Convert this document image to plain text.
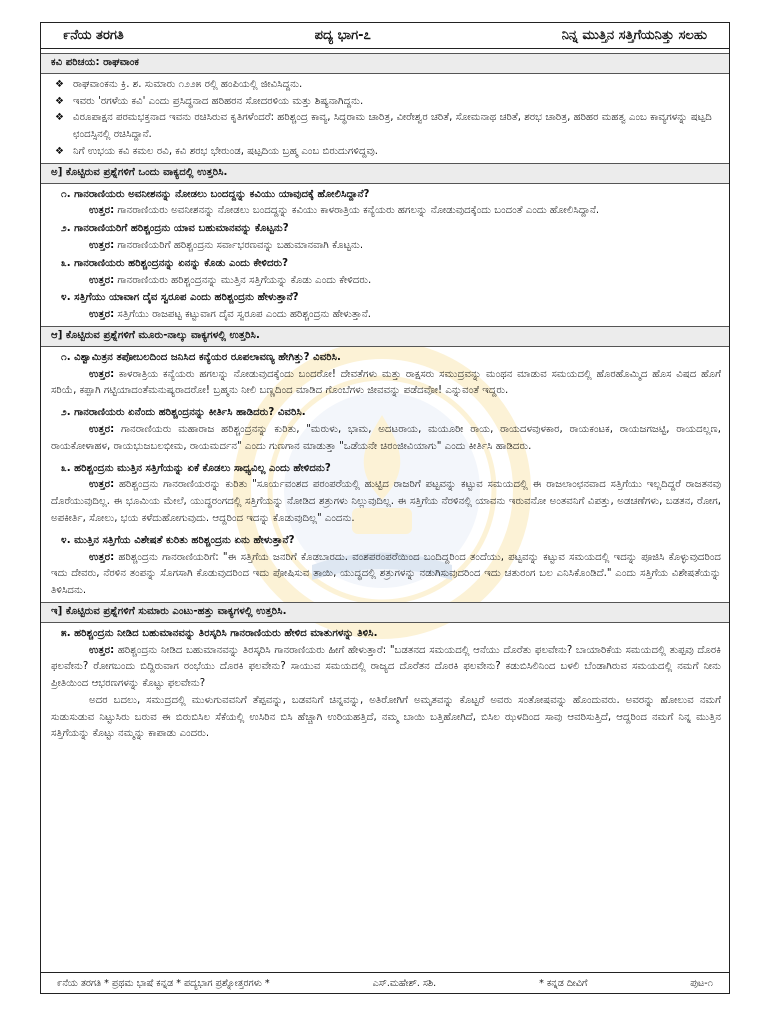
೯ನೆಯ ತರಗತಿ	ಪದ್ಯ ಭಾಗ-೭	ನಿನ್ನ ಮುತ್ತಿನ ಸತ್ತಿಗೆಯನಿತ್ತು ಸಲಹು
ಕವಿ ಪರಿಚಯ: ರಾಘವಾಂಕ
❖ ರಾಘವಾಂಕನು ಕ್ರಿ. ಶ. ಸುಮಾರು ೧೨೨೫ ರಲ್ಲಿ ಹಂಪಿಯಲ್ಲಿ ಜೀವಿಸಿದ್ದನು.
❖ ಇವರು 'ರಗಳೆಯ ಕವಿ' ಎಂದು ಪ್ರಸಿದ್ಧನಾದ ಹರಿಹರನ ಸೋದರಳಿಯ ಮತ್ತು ಶಿಷ್ಯನಾಗಿದ್ದನು.
❖ ವಿರೂಪಾಕ್ಷನ ಪರಮಭಕ್ತನಾದ ಇವನು ರಚಿಸಿರುವ ಕೃತಿಗಳೆಂದರೆ: ಹರಿಶ್ಚಂದ್ರ ಕಾವ್ಯ, ಸಿದ್ಧರಾಮ ಚಾರಿತ್ರ, ವೀರೇಶ್ವರ ಚರಿತೆ, ಸೋಮನಾಥ ಚರಿತೆ, ಶರಭ ಚಾರಿತ್ರ, ಹರಿಹರ ಮಹತ್ವ ಎಂಬ ಕಾವ್ಯಗಳನ್ನು ಷಟ್ಪದಿ ಛಂದಸ್ಸಿನಲ್ಲಿ ರಚಿಸಿದ್ದಾನೆ.
❖ ನಿಗೆ ಉಭಯ ಕವಿ ಕಮಲ ರವಿ, ಕವಿ ಶರಭ ಭೇರುಂಡ, ಷಟ್ಪದಿಯ ಬ್ರಹ್ಮ ಎಂಬ ಬಿರುದುಗಳಿದ್ದವು.
ಅ] ಕೊಟ್ಟಿರುವ ಪ್ರಶ್ನೆಗಳಿಗೆ ಒಂದು ವಾಕ್ಯದಲ್ಲಿ ಉತ್ತರಿಸಿ.
೧. ಗಾನರಾಣಿಯರು ಅವನೀಶನನ್ನು ನೋಡಲು ಬಂದದ್ದನ್ನು ಕವಿಯು ಯಾವುದಕ್ಕೆ ಹೋಲಿಸಿದ್ದಾನೆ?
ಉತ್ತರ: ಗಾನರಾಣಿಯರು ಅವನೀಶನನ್ನು ನೋಡಲು ಬಂದದ್ದನ್ನು ಕವಿಯು ಕಾಳರಾತ್ರಿಯ ಕನ್ಯೆಯರು ಹಗಲನ್ನು ನೋಡುವುದಕ್ಕೆಂದು ಬಂದಂತೆ ಎಂದು ಹೋಲಿಸಿದ್ದಾನೆ.
೨. ಗಾನರಾಣಿಯರಿಗೆ ಹರಿಶ್ಚಂದ್ರನು ಯಾವ ಬಹುಮಾನವನ್ನು ಕೊಟ್ಟನು?
ಉತ್ತರ: ಗಾನರಾಣಿಯರಿಗೆ ಹರಿಶ್ಚಂದ್ರನು ಸರ್ವಾಭರಣವನ್ನು ಬಹುಮಾನವಾಗಿ ಕೊಟ್ಟನು.
೩. ಗಾನರಾಣಿಯರು ಹರಿಶ್ಚಂದ್ರನನ್ನು ಏನನ್ನು ಕೊಡು ಎಂದು ಕೇಳಿದರು?
ಉತ್ತರ: ಗಾನರಾಣಿಯರು ಹರಿಶ್ಚಂದ್ರನನ್ನು ಮುತ್ತಿನ ಸತ್ತಿಗೆಯನ್ನು ಕೊಡು ಎಂದು ಕೇಳಿದರು.
೪. ಸತ್ತಿಗೆಯು ಯಾವಾಗ ದೈವ ಸ್ವರೂಪ ಎಂದು ಹರಿಶ್ಚಂದ್ರನು ಹೇಳುತ್ತಾನೆ?
ಉತ್ತರ: ಸತ್ತಿಗೆಯು ರಾಜಪಟ್ಟ ಕಟ್ಟುವಾಗ ದೈವ ಸ್ವರೂಪ ಎಂದು ಹರಿಶ್ಚಂದ್ರನು ಹೇಳುತ್ತಾನೆ.
ಆ] ಕೊಟ್ಟಿರುವ ಪ್ರಶ್ನೆಗಳಿಗೆ ಮೂರು-ನಾಲ್ಕು ವಾಕ್ಯಗಳಲ್ಲಿ ಉತ್ತರಿಸಿ.
೧. ವಿಶ್ವಾಮಿತ್ರನ ತಪೋಬಲದಿಂದ ಜನಿಸಿದ ಕನ್ಯೆಯರ ರೂಪಲಾವಣ್ಯ ಹೇಗಿತ್ತು? ವಿವರಿಸಿ.
ಉತ್ತರ: ಕಾಳರಾತ್ರಿಯ ಕನ್ಯೆಯರು ಹಗಲನ್ನು ನೋಡುವುದಕ್ಕೆಂದು ಬಂದರೋ! ದೇವತೆಗಳು ಮತ್ತು ರಾಕ್ಷಸರು ಸಮುದ್ರವನ್ನು ಮಂಥನ ಮಾಡುವ ಸಮಯದಲ್ಲಿ ಹೊರಹೊಮ್ಮಿದ ಹೊಸ ವಿಷದ ಹೊಗೆ ಸರಿಯೆ, ಕಪ್ಪಾಗಿ ಗಟ್ಟಿಯಾದಂತೆಮನುಷ್ಯರಾದರೋ! ಬ್ರಹ್ಮನು ನೀಲಿ ಬಣ್ಣದಿಂದ ಮಾಡಿದ ಗೊಂಬೆಗಳು ಜೀವವನ್ನು ಪಡೆದವೋ! ಎನ್ನುವಂತೆ ಇದ್ದರು.
೨. ಗಾನರಾಣಿಯರು ಏನೆಂದು ಹರಿಶ್ಚಂದ್ರನನ್ನು ಕೀರ್ತಿಸಿ ಹಾಡಿದರು? ವಿವರಿಸಿ.
ಉತ್ತರ: ಗಾನರಾಣಿಯರು ಮಹಾರಾಜ ಹರಿಶ್ಚಂದ್ರನನ್ನು ಕುರಿತು, "ಮರುಳು, ಭಾಮ, ಅದಟರಾಯ, ಮಯೂರೀ ರಾಯ, ರಾಯದಳವುಳಕಾರ, ರಾಯಕಂಟಕ, ರಾಯಜಗಜಟ್ಟಿ, ರಾಯದಲ್ಲಣ, ರಾಯಕೋಳಾಹಳ, ರಾಯಭುಜಬಲಭೀಮ, ರಾಯಮರ್ದನ" ಎಂದು ಗುಣಗಾನ ಮಾಡುತ್ತಾ "ಒಡೆಯನೇ ಚಿರಂಜೀವಿಯಾಗು" ಎಂದು ಕೀರ್ತಿಸಿ ಹಾಡಿದರು.
೩. ಹರಿಶ್ಚಂದ್ರನು ಮುತ್ತಿನ ಸತ್ತಿಗೆಯನ್ನು ಏಕೆ ಕೊಡಲು ಸಾಧ್ಯವಿಲ್ಲ ಎಂದು ಹೇಳಿದನು?
ಉತ್ತರ: ಹರಿಶ್ಚಂದ್ರನು ಗಾನರಾಣಿಯರನ್ನು ಕುರಿತು "ಸೂರ್ಯವಂಶದ ಪರಂಪರೆಯಲ್ಲಿ ಹುಟ್ಟಿದ ರಾಜರಿಗೆ ಪಟ್ಟವನ್ನು ಕಟ್ಟುವ ಸಮಯದಲ್ಲಿ ಈ ರಾಜಲಾಂಛನವಾದ ಸತ್ತಿಗೆಯು ಇಲ್ಲದಿದ್ದರೆ ರಾಜತನವು ದೊರೆಯುವುದಿಲ್ಲ. ಈ ಭೂಮಿಯ ಮೇಲೆ, ಯುದ್ಧರಂಗದಲ್ಲಿ ಸತ್ತಿಗೆಯನ್ನು ನೋಡಿದ ಶತ್ರುಗಳು ನಿಲ್ಲುವುದಿಲ್ಲ. ಈ ಸತ್ತಿಗೆಯ ನೆರಳಿನಲ್ಲಿ ಯಾವನು ಇರುವನೋ ಅಂತವನಿಗೆ ವಿಪತ್ತು, ಅಡಚಣೆಗಳು, ಬಡತನ, ರೋಗ, ಅಪಕೀರ್ತಿ, ಸೋಲು, ಭಯ ಕಳೆದುಹೋಗುವುದು. ಆದ್ದರಿಂದ ಇದನ್ನು ಕೊಡುವುದಿಲ್ಲ" ಎಂದನು.
೪. ಮುತ್ತಿನ ಸತ್ತಿಗೆಯ ವಿಶೇಷತೆ ಕುರಿತು ಹರಿಶ್ಚಂದ್ರನು ಏನು ಹೇಳುತ್ತಾನೆ?
ಉತ್ತರ: ಹರಿಶ್ಚಂದ್ರನು ಗಾನರಾಣಿಯರಿಗೆ: "ಈ ಸತ್ತಿಗೆಯ ಜನರಿಗೆ ಕೊಡಬಾರದು. ವಂಶಪರಂಪರೆಯಿಂದ ಬಂದಿದ್ದರಿಂದ ತಂದೆಯು, ಪಟ್ಟವನ್ನು ಕಟ್ಟುವ ಸಮಯದಲ್ಲಿ ಇದನ್ನು ಪೂಜಿಸಿ ಕೊಳ್ಳುವುದರಿಂದ ಇದು ದೇವರು, ನೆರಳಿನ ತಂಪನ್ನು ಸೊಗಸಾಗಿ ಕೊಡುವುದರಿಂದ ಇದು ಪೋಷಿಸುವ ತಾಯಿ, ಯುದ್ಧದಲ್ಲಿ ಶತ್ರುಗಳನ್ನು ನಡುಗಿಸುವುದರಿಂದ ಇದು ಚತುರಂಗ ಬಲ ಎನಿಸಿಕೊಂಡಿದೆ." ಎಂದು ಸತ್ತಿಗೆಯ ವಿಶೇಷತೆಯನ್ನು ತಿಳಿಸಿದನು.
ಇ] ಕೊಟ್ಟಿರುವ ಪ್ರಶ್ನೆಗಳಿಗೆ ಸುಮಾರು ಎಂಟು-ಹತ್ತು ವಾಕ್ಯಗಳಲ್ಲಿ ಉತ್ತರಿಸಿ.
೫. ಹರಿಶ್ಚಂದ್ರನು ನೀಡಿದ ಬಹುಮಾನವನ್ನು ತಿರಸ್ಕರಿಸಿ ಗಾನರಾಣಿಯರು ಹೇಳಿದ ಮಾತುಗಳನ್ನು ತಿಳಿಸಿ.
ಉತ್ತರ: ಹರಿಶ್ಚಂದ್ರನು ನೀಡಿದ ಬಹುಮಾನವನ್ನು ತಿರಸ್ಕರಿಸಿ ಗಾನರಾಣಿಯರು ಹೀಗೆ ಹೇಳುತ್ತಾರೆ: "ಬಡತನದ ಸಮಯದಲ್ಲಿ ಆನೆಯು ದೊರೆತು ಫಲವೇನು? ಬಾಯಾರಿಕೆಯ ಸಮಯದಲ್ಲಿ ತುಪ್ಪವು ದೊರಕಿ ಫಲವೇನು? ರೋಗಬಂದು ಬಿದ್ದಿರುವಾಗ ರಂಭೆಯು ದೊರಕಿ ಫಲವೇನು? ಸಾಯುವ ಸಮಯದಲ್ಲಿ ರಾಜ್ಯದ ದೊರೆತನ ದೊರಕಿ ಫಲವೇನು? ಕಡುಬಿಸಿಲಿನಿಂದ ಬಳಲಿ ಬೆಂಡಾಗಿರುವ ಸಮಯದಲ್ಲಿ ನಮಗೆ ನೀನು ಪ್ರೀತಿಯಿಂದ ಆಭರಣಗಳನ್ನು ಕೊಟ್ಟು ಫಲವೇನು?
ಅದರ ಬದಲು, ಸಮುದ್ರದಲ್ಲಿ ಮುಳುಗುವವನಿಗೆ ತೆಪ್ಪವನ್ನು, ಬಡವನಿಗೆ ಚಿನ್ನವನ್ನು, ಅತಿರೋಗಿಗೆ ಅಮೃತವನ್ನು ಕೊಟ್ಟರೆ ಅವರು ಸಂತೋಷವನ್ನು ಹೊಂದುವರು. ಅವರನ್ನು ಹೋಲುವ ನಮಗೆ ಸುಡುಸುಡುವ ನಿಟ್ಟುಸಿರು ಬರುವ ಈ ಬಿರುಬಿಸಿಲ ಸೆಕೆಯಲ್ಲಿ ಉಸಿರಿನ ಬಿಸಿ ಹೆಚ್ಚಾಗಿ ಉರಿಯಹತ್ತಿದೆ, ನಮ್ಮ ಬಾಯಿ ಬತ್ತಿಹೋಗಿದೆ, ಬಿಸಿಲ ಝಳದಿಂದ ಸಾವು ಆವರಿಸುತ್ತಿದೆ, ಆದ್ದರಿಂದ ನಮಗೆ ನಿನ್ನ ಮುತ್ತಿನ ಸತ್ತಿಗೆಯನ್ನು ಕೊಟ್ಟು ನಮ್ಮನ್ನು ಕಾಪಾಡು ಎಂದರು.
೯ನೆಯ ತರಗತಿ * ಪ್ರಥಮ ಭಾಷೆ ಕನ್ನಡ * ಪದ್ಯಭಾಗ ಪ್ರಶ್ನೋತ್ತರಗಳು *	ಎಸ್.ಮಹೇಶ್. ಸಶಿ.	* ಕನ್ನಡ ದೀವಿಗೆ	ಪುಟ-೧
